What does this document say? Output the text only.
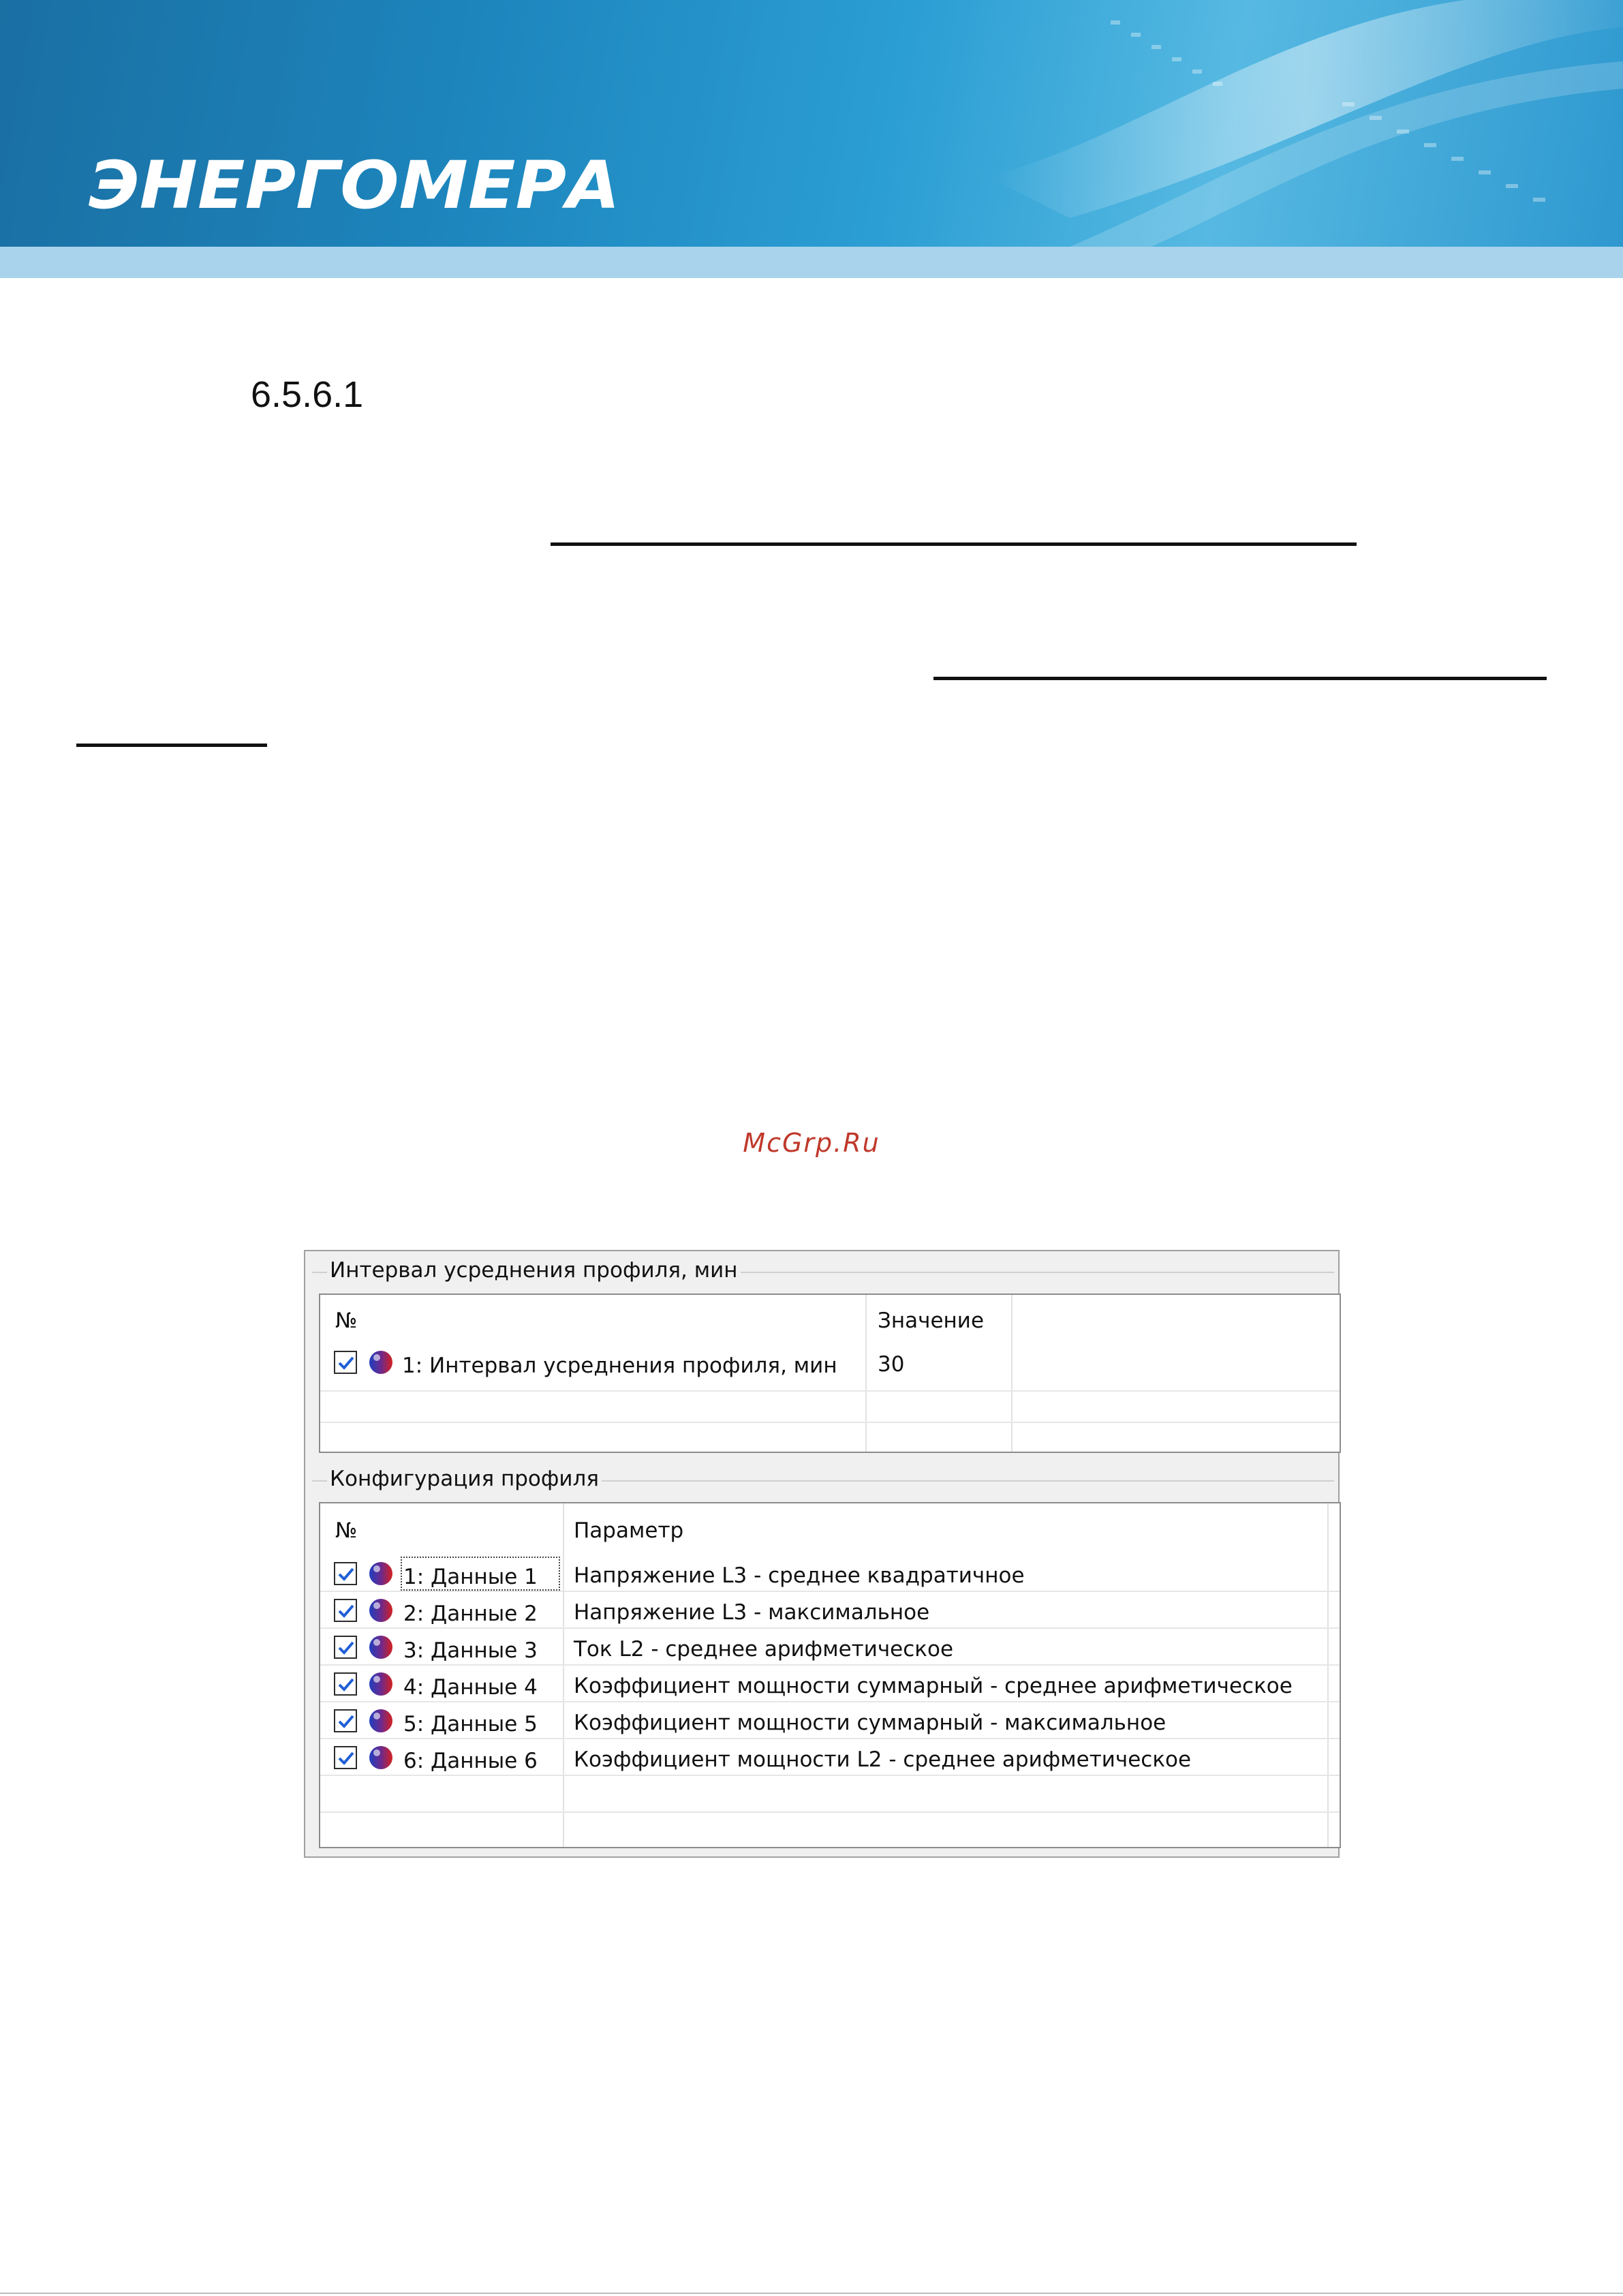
ЭНЕРГОМЕРА
6.5.6.1
McGrp.Ru
Интервал усреднения профиля, мин
№	Значение
1: Интервал усреднения профиля, мин 30
Конфигурация профиля
№	Параметр
1: Данные 1 Напряжение L3 - среднее квадратичное
2: Данные 2 Напряжение L3 - максимальное
3: Данные 3 Ток L2 - среднее арифметическое
4: Данные 4 Коэффициент мощности суммарный - среднее арифметическое
5: Данные 5 Коэффициент мощности суммарный - максимальное
6: Данные 6 Коэффициент мощности L2 - среднее арифметическое
